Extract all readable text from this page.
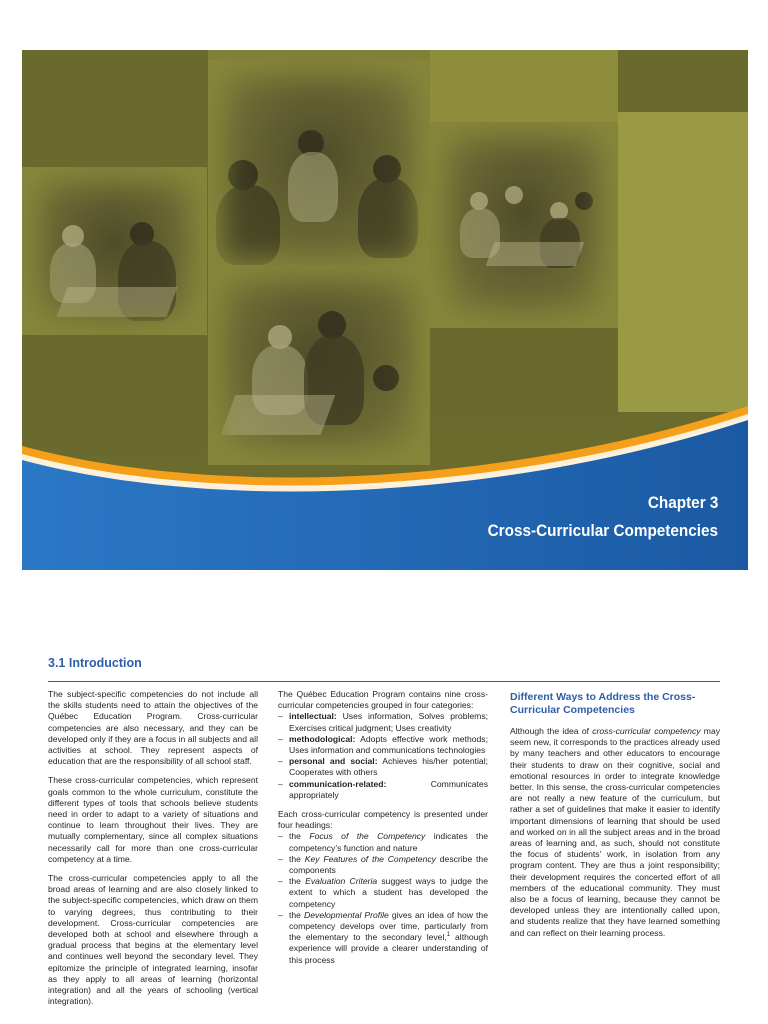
Chapter 3
Cross-Curricular Competencies
3.1 Introduction

The subject-specific competencies do not include all the skills students need to attain the objectives of the Québec Education Program. Cross-curricular competencies are also necessary, and they can be developed only if they are a focus in all subjects and all activities at school. They represent aspects of education that are the responsibility of all school staff.

These cross-curricular competencies, which represent goals common to the whole curriculum, constitute the different types of tools that schools believe students need in order to adapt to a variety of situations and continue to learn throughout their lives. They are mutually complementary, since all complex situations necessarily call for more than one cross-curricular competency at a time.

The cross-curricular competencies apply to all the broad areas of learning and are also closely linked to the subject-specific competencies, which draw on them to varying degrees, thus contributing to their development. Cross-curricular competencies are developed both at school and elsewhere through a gradual process that begins at the elementary level and continues well beyond the secondary level. They epitomize the principle of integrated learning, insofar as they apply to all areas of learning (horizontal integration) and all the years of schooling (vertical integration).

The Québec Education Program contains nine cross-curricular competencies grouped in four categories:

– intellectual: Uses information, Solves problems; Exercises critical judgment; Uses creativity
– methodological: Adopts effective work methods; Uses information and communications technologies
– personal and social: Achieves his/her potential; Cooperates with others
– communication-related:	Communicates appropriately

Each cross-curricular competency is presented under four headings:

– the Focus of the Competency indicates the competency’s function and nature
– the Key Features of the Competency describe the components
– the Evaluation Criteria suggest ways to judge the extent to which a student has developed the competency
– the Developmental Profile gives an idea of how the competency develops over time, particularly from the elementary to the secondary level,$^1$ although experience will provide a clearer understanding of this process
Different Ways to Address the Cross-Curricular Competencies

Although the idea of cross-curricular competency may seem new, it corresponds to the practices already used by many teachers and other educators to encourage their students to draw on their cognitive, social and emotional resources in order to integrate knowledge better. In this sense, the cross-curricular competencies are not really a new feature of the curriculum, but rather a set of guidelines that make it easier to identify important dimensions of learning that should be used and worked on in all the subject areas and in the broad areas of learning and, as such, should not constitute the focus of students’ work, in isolation from any program content. They are thus a joint responsibility; their development requires the concerted effort of all members of the educational community. They must also be a focus of learning, because they cannot be developed unless they are intentionally called upon, and students realize that they have learned something and can reflect on their learning process.
